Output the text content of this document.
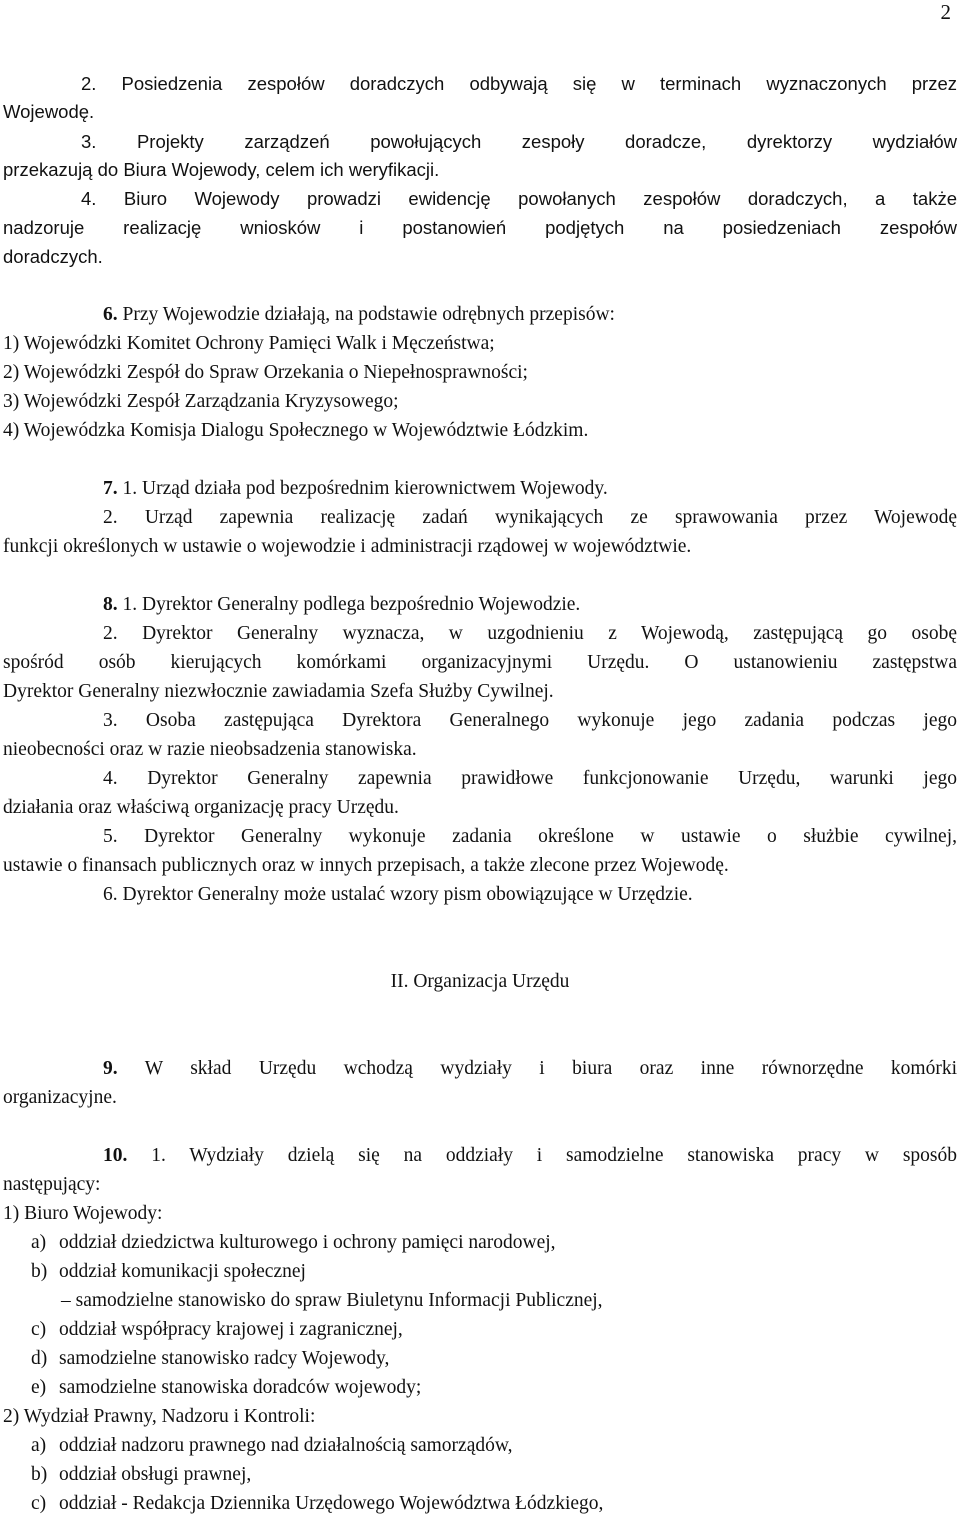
2
2. Posiedzenia zespołów doradczych odbywają się w terminach wyznaczonych przez
Wojewodę.
3. Projekty zarządzeń powołujących zespoły doradcze, dyrektorzy wydziałów
przekazują do Biura Wojewody, celem ich weryfikacji.
4. Biuro Wojewody prowadzi ewidencję powołanych zespołów doradczych, a także
nadzoruje realizację wniosków i postanowień podjętych na posiedzeniach zespołów
doradczych.
6. Przy Wojewodzie działają, na podstawie odrębnych przepisów:
1) Wojewódzki Komitet Ochrony Pamięci Walk i Męczeństwa;
2) Wojewódzki Zespół do Spraw Orzekania o Niepełnosprawności;
3) Wojewódzki Zespół Zarządzania Kryzysowego;
4) Wojewódzka Komisja Dialogu Społecznego w Województwie Łódzkim.
7. 1. Urząd działa pod bezpośrednim kierownictwem Wojewody.
2. Urząd zapewnia realizację zadań wynikających ze sprawowania przez Wojewodę
funkcji określonych w ustawie o wojewodzie i administracji rządowej w województwie.
8. 1. Dyrektor Generalny podlega bezpośrednio Wojewodzie.
2. Dyrektor Generalny wyznacza, w uzgodnieniu z Wojewodą, zastępującą go osobę
spośród osób kierujących komórkami organizacyjnymi Urzędu. O ustanowieniu zastępstwa
Dyrektor Generalny niezwłocznie zawiadamia Szefa Służby Cywilnej.
3. Osoba zastępująca Dyrektora Generalnego wykonuje jego zadania podczas jego
nieobecności oraz w razie nieobsadzenia stanowiska.
4. Dyrektor Generalny zapewnia prawidłowe funkcjonowanie Urzędu, warunki jego
działania oraz właściwą organizację pracy Urzędu.
5. Dyrektor Generalny wykonuje zadania określone w ustawie o służbie cywilnej,
ustawie o finansach publicznych oraz w innych przepisach, a także zlecone przez Wojewodę.
6. Dyrektor Generalny może ustalać wzory pism obowiązujące w Urzędzie.
II. Organizacja Urzędu
9. W skład Urzędu wchodzą wydziały i biura oraz inne równorzędne komórki
organizacyjne.
10. 1. Wydziały dzielą się na oddziały i samodzielne stanowiska pracy w sposób
następujący:
1) Biuro Wojewody:
a) oddział dziedzictwa kulturowego i ochrony pamięci narodowej,
b) oddział komunikacji społecznej
– samodzielne stanowisko do spraw Biuletynu Informacji Publicznej,
c) oddział współpracy krajowej i zagranicznej,
d) samodzielne stanowisko radcy Wojewody,
e) samodzielne stanowiska doradców wojewody;
2) Wydział Prawny, Nadzoru i Kontroli:
a) oddział nadzoru prawnego nad działalnością samorządów,
b) oddział obsługi prawnej,
c) oddział - Redakcja Dziennika Urzędowego Województwa Łódzkiego,
